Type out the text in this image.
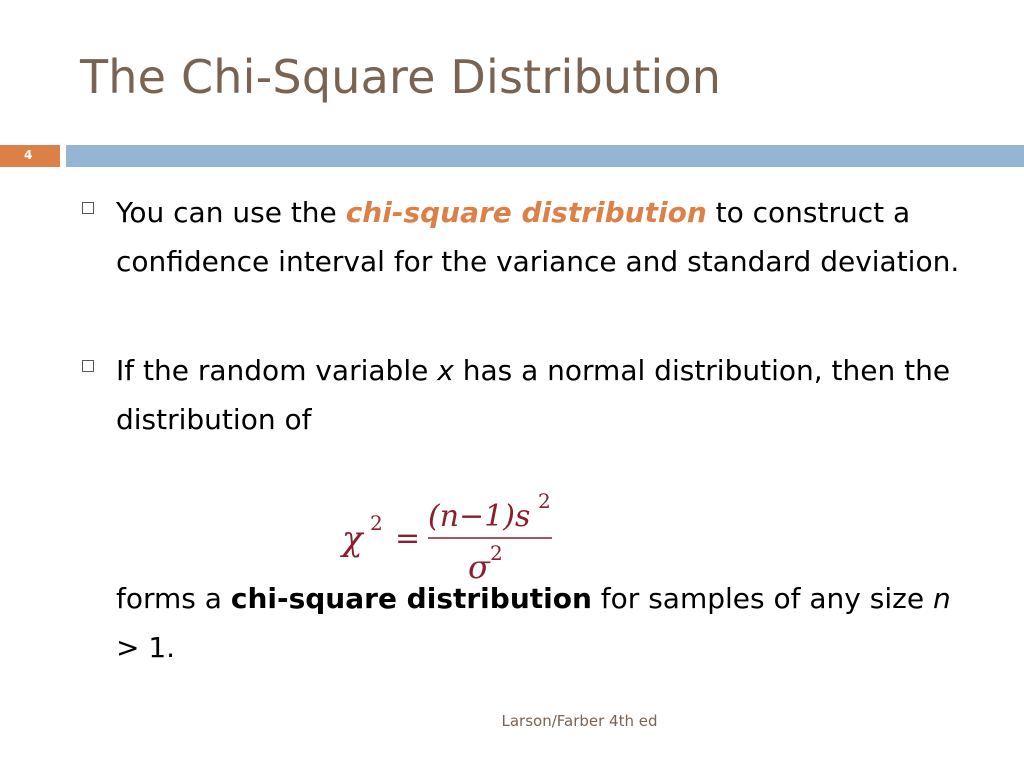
The Chi-Square Distribution
4
You can use the chi-square distribution to construct a confidence interval for the variance and standard deviation.
If the random variable x has a normal distribution, then the distribution of
χ 2 =
(n−1)s 2
σ 2
forms a chi-square distribution for samples of any size n > 1.
Larson/Farber 4th ed
